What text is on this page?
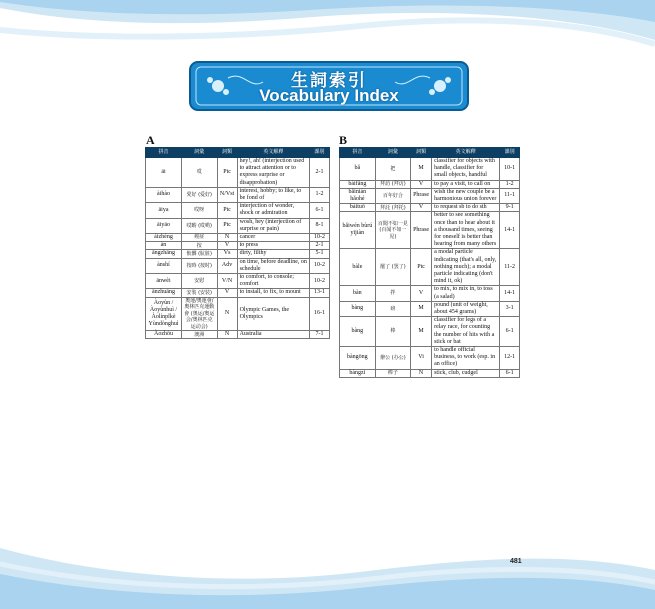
生詞索引
Vocabulary Index
A	B
拼音	詞彙	詞類	英文解釋	課別
āi	哎	Ptc	hey!, ah! (interjection used to attract attention or to express surprise or disapprobation)	2-1
àihào	愛好 (爱好)	N/Vst	interest, hobby; to like, to be fond of	1-2
āiya	哎呀	Ptc	interjection of wonder, shock or admiration	6-1
āiyāo	哎喲 (哎哟)	Ptc	wosh, hey (interjection of surprise or pain)	8-1
áizhèng	癌症	N	cancer	10-2
àn	按	V	to press	2-1
āngzhāng	骯髒 (肮脏)	Vs	dirty, filthy	5-1
ànshí	按時 (按时)	Adv	on time, before deadline, on schedule	10-2
ānwèi	安慰	V/N	to comfort, to console; comfort	10-2
ānzhuāng	安裝 (安装)	V	to install, to fix, to mount	13-1
Àoyùn / Àoyùnhuì / Àolínpǐkè Yùndònghuì	奧運/奧運會/奧林匹克運動會 (奥运/奥运会/奥林匹克运动会)	N	Olympic Games, the Olympics	16-1
Àozhōu	澳洲	N	Australia	7-1
拼音	詞彙	詞類	英文解釋	課別
bǎ	把	M	classifier for objects with handle, classifier for small objects, handful	10-1
bàifǎng	拜訪 (拜访)	V	to pay a visit, to call on	1-2
bǎinián hǎohé	百年好合	Phrase	wish the new couple be a harmonious union forever	11-1
bàituō	拜託 (拜托)	V	to request sb to do sth	9-1
bǎiwén bùrú yījiàn	百聞不如一見 (百闻不如一见)	Phrase	better to see something once than to hear about it a thousand times, seeing for oneself is better than hearing from many others	14-1
bàle	罷了 (罢了)	Ptc	a modal particle indicating (that's all, only, nothing much); a modal particle indicating (don't mind it, ok)	11-2
bàn	拌	V	to mix, to mix in, to toss (a salad)	14-1
bàng	磅	M	pound (unit of weight, about 454 grams)	3-1
bàng	棒	M	classifier for legs of a relay race, for counting the number of hits with a stick or bat	6-1
bàngōng	辦公 (办公)	Vi	to handle official business, to work (esp. in an office)	12-1
bàngzi	棒子	N	stick, club, cudgel	6-1
481
